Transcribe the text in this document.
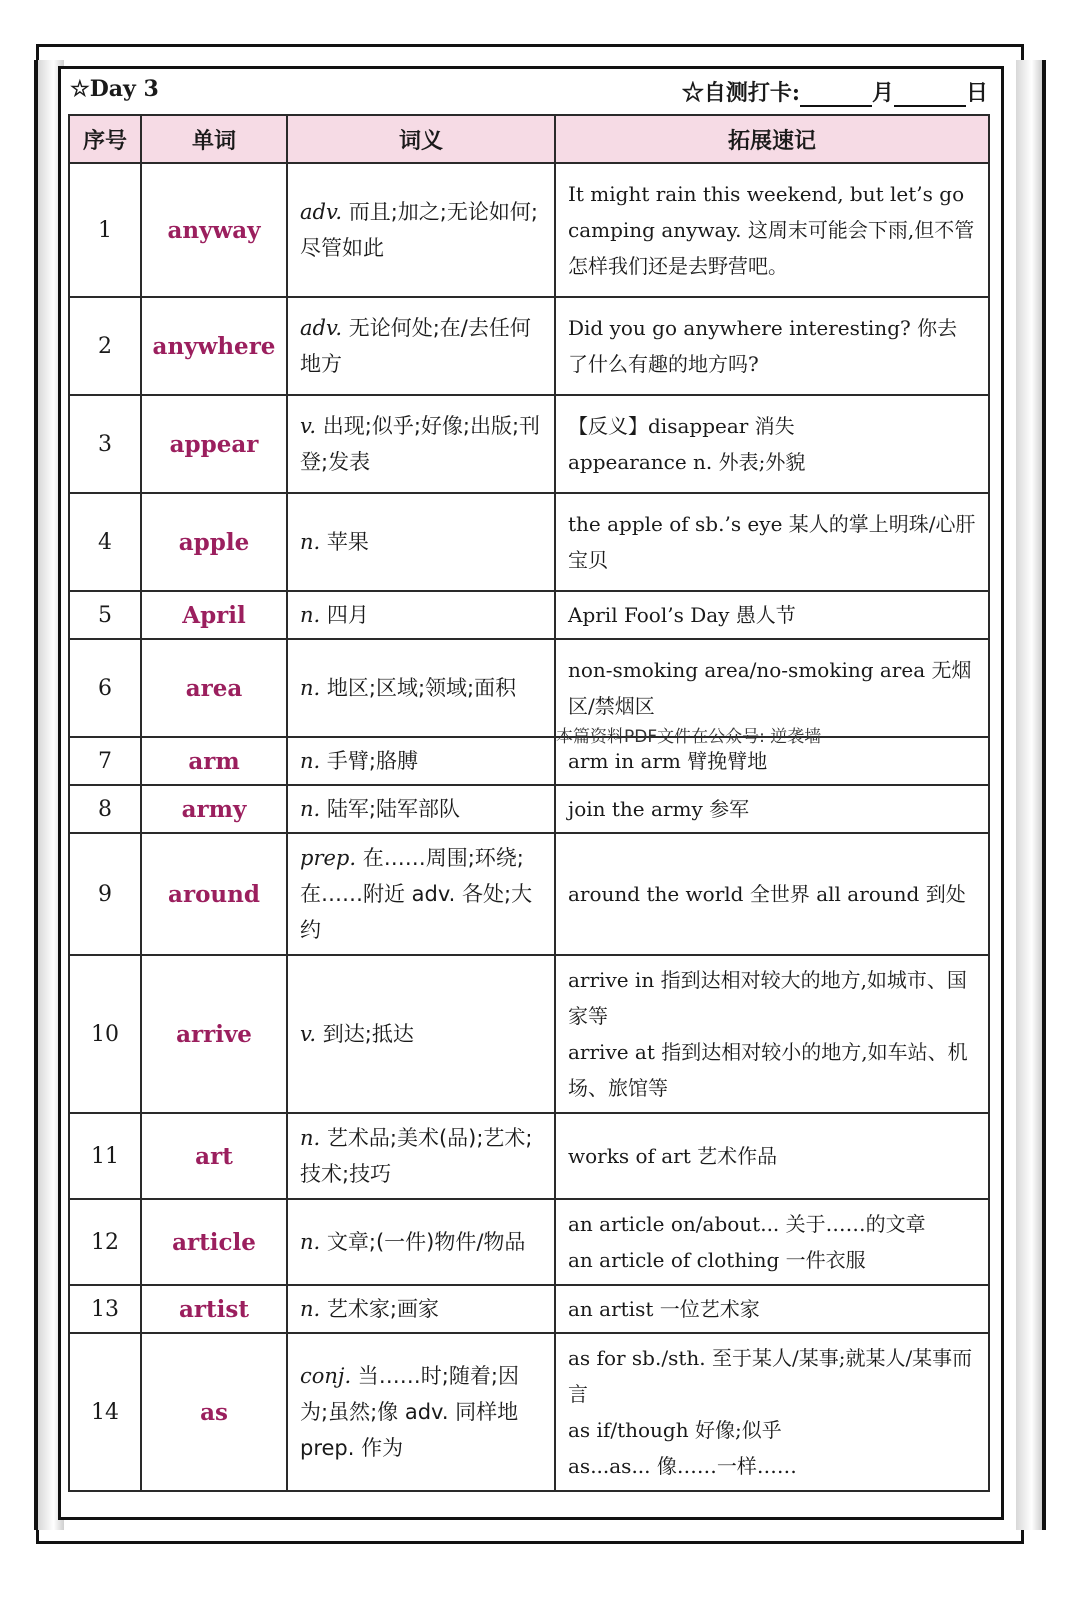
☆Day 3	☆自测打卡:	月	日
序号	单词	词义	拓展速记
1	anyway	adv. 而且;加之;无论如何;尽管如此	It might rain this weekend, but let’s go camping anyway. 这周末可能会下雨,但不管怎样我们还是去野营吧。

2	anywhere	adv. 无论何处;在/去任何地方	Did you go anywhere interesting? 你去了什么有趣的地方吗?

3	appear	v. 出现;似乎;好像;出版;刊登;发表	【反义】disappear 消失
appearance n. 外表;外貌

4	apple	n. 苹果	the apple of sb.’s eye 某人的掌上明珠/心肝宝贝

5	April	n. 四月	April Fool’s Day 愚人节

6	area	n. 地区;区域;领域;面积	non-smoking area/no-smoking area 无烟区/禁烟区

7	arm	n. 手臂;胳膊	arm in arm 臂挽臂地

8	army	n. 陆军;陆军部队	join the army 参军

9	around	prep. 在……周围;环绕;在……附近 adv. 各处;大约	around the world 全世界 all around 到处

10	arrive	v. 到达;抵达	arrive in 指到达相对较大的地方,如城市、国家等
arrive at 指到达相对较小的地方,如车站、机场、旅馆等

11	art	n. 艺术品;美术(品);艺术;技术;技巧	works of art 艺术作品

12	article	n. 文章;(一件)物件/物品	an article on/about... 关于……的文章
an article of clothing 一件衣服

13	artist	n. 艺术家;画家	an artist 一位艺术家

14	as	conj. 当……时;随着;因为;虽然;像 adv. 同样地 prep. 作为	as for sb./sth. 至于某人/某事;就某人/某事而言
as if/though 好像;似乎
as...as... 像……一样……
本篇资料PDF文件在公众号: 逆袭墙
